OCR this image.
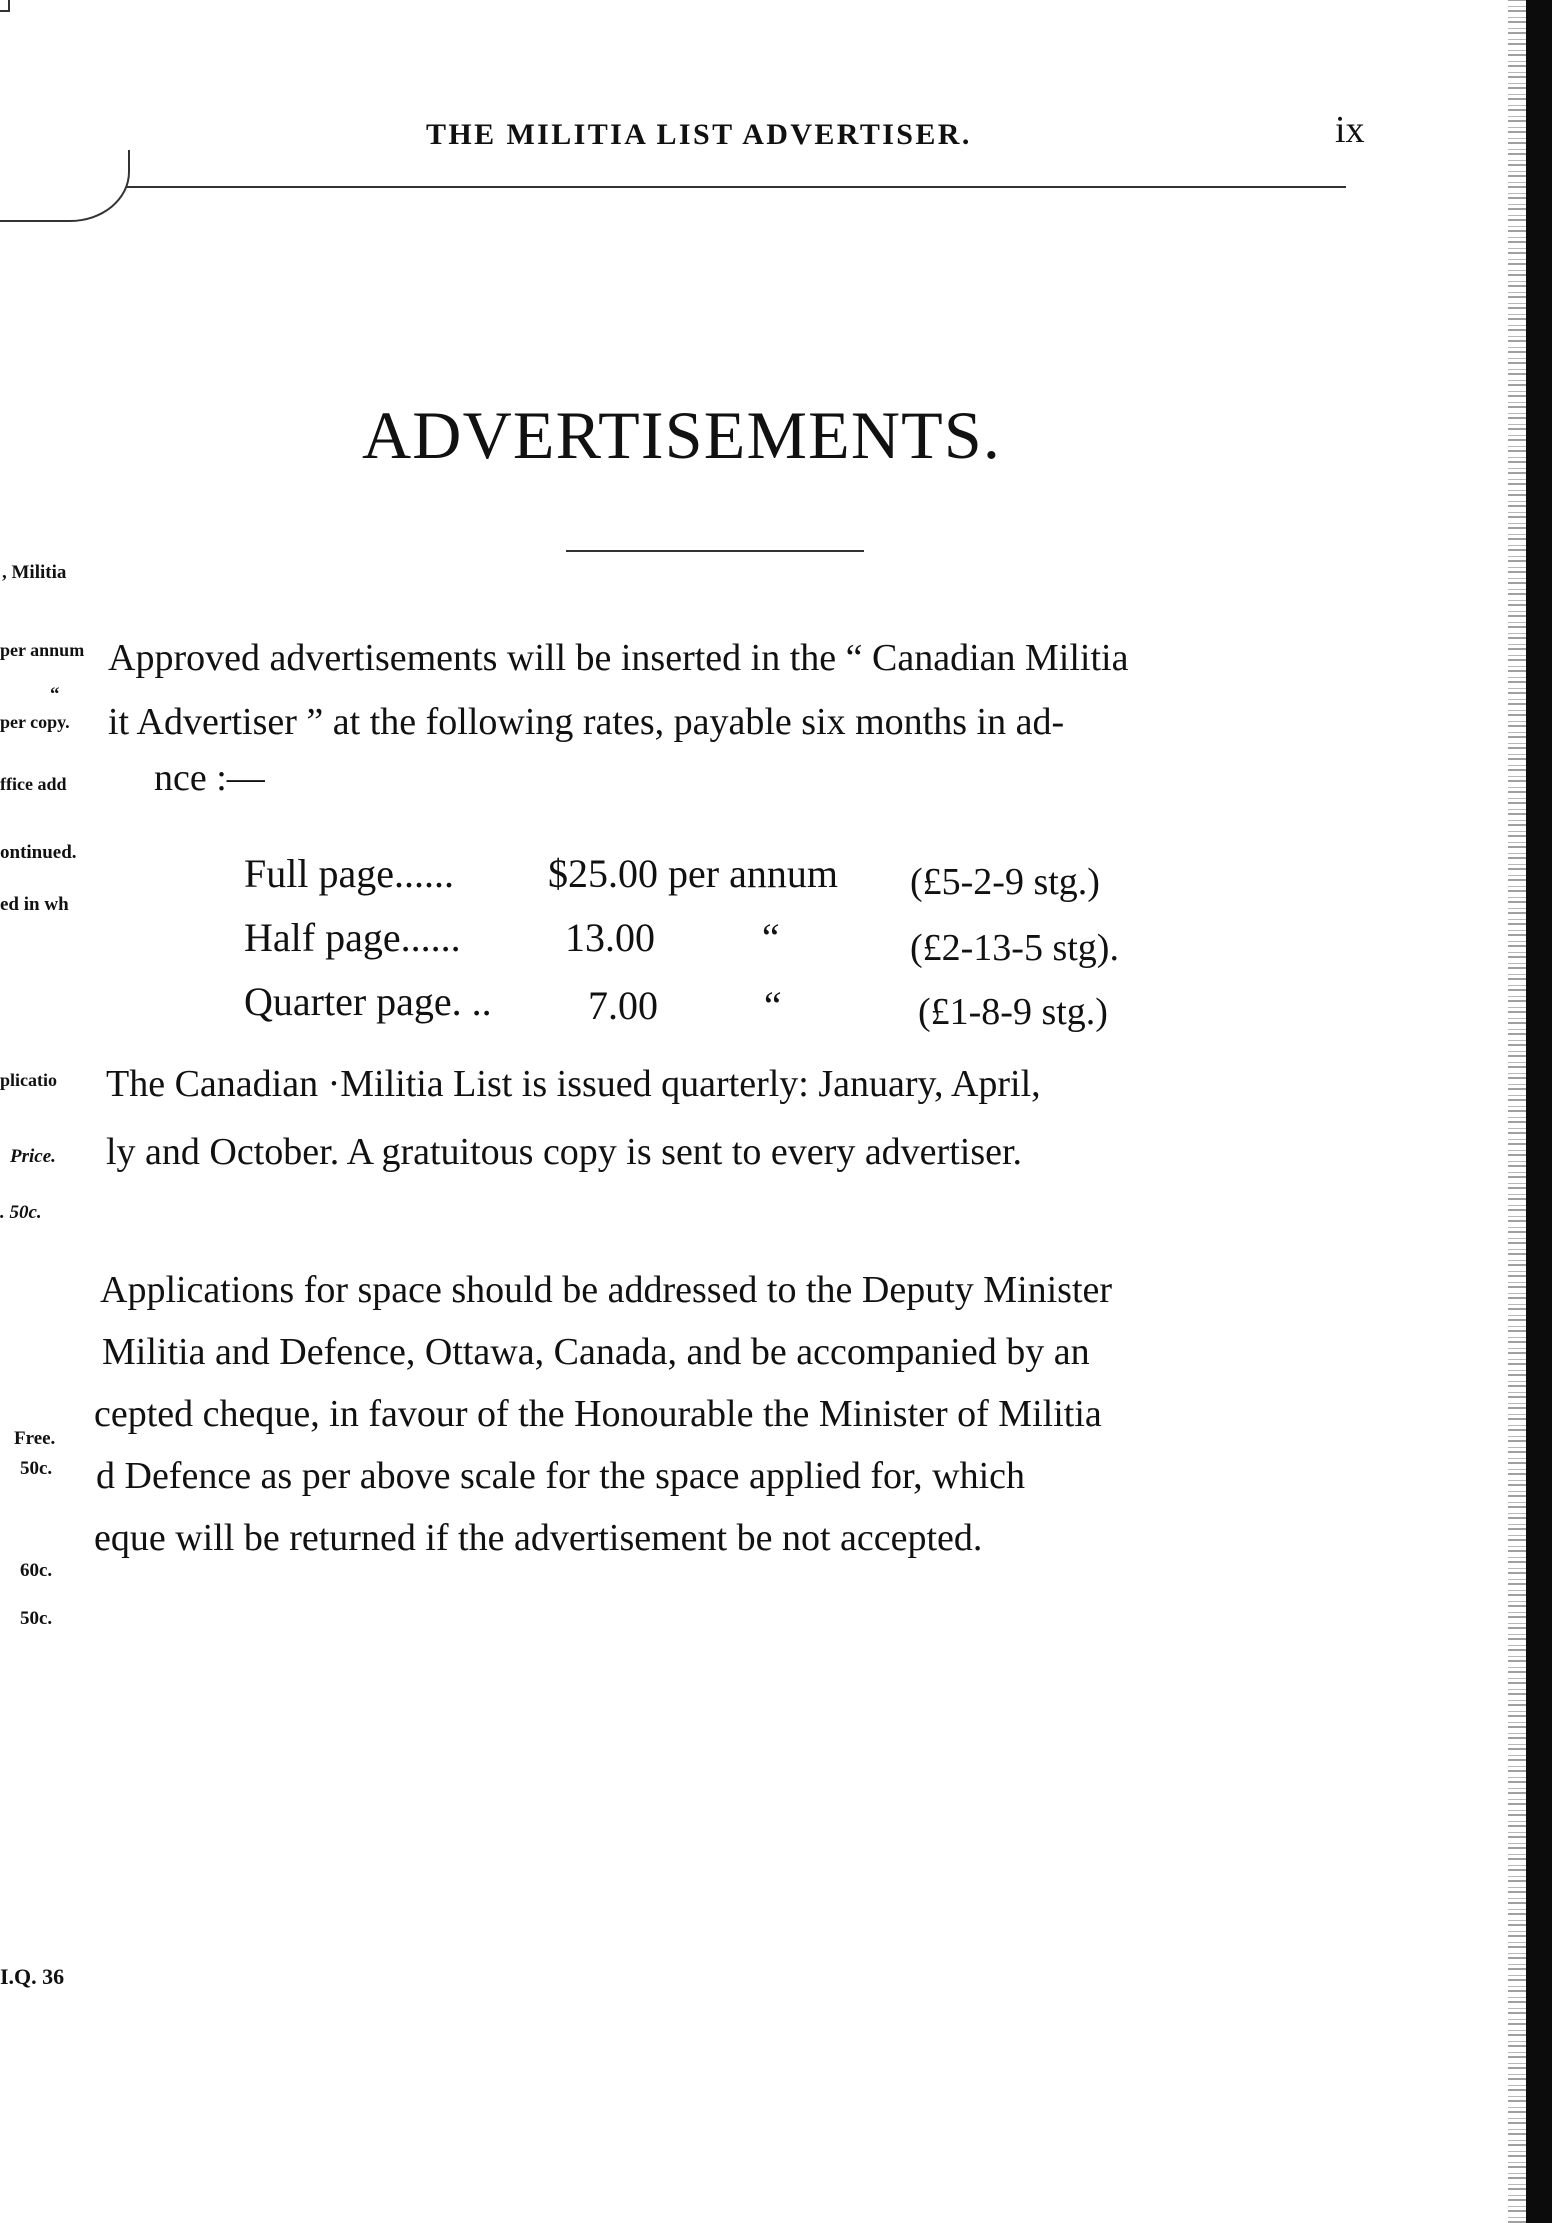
THE MILITIA LIST ADVERTISER.	ix
ADVERTISEMENTS.
, Militia
per annum
“
per copy.
ffice add
ontinued.
ed in wh
plicatio
Price.
. 50c.
Free.
50c.
60c.
50c.
I.Q. 36
Approved advertisements will be inserted in the “ Canadian Militia
it Advertiser ” at the following rates, payable six months in ad-
nce :—
Full page...... $25.00 per annum (£5-2-9 stg.)
Half page......	13.00	“	(£2-13-5 stg).
Quarter page. .. 7.00	“	(£1-8-9 stg.)
The Canadian ·Militia List is issued quarterly: January, April,
ly and October. A gratuitous copy is sent to every advertiser.
Applications for space should be addressed to the Deputy Minister
Militia and Defence, Ottawa, Canada, and be accompanied by an
cepted cheque, in favour of the Honourable the Minister of Militia
d Defence as per above scale for the space applied for, which
eque will be returned if the advertisement be not accepted.
